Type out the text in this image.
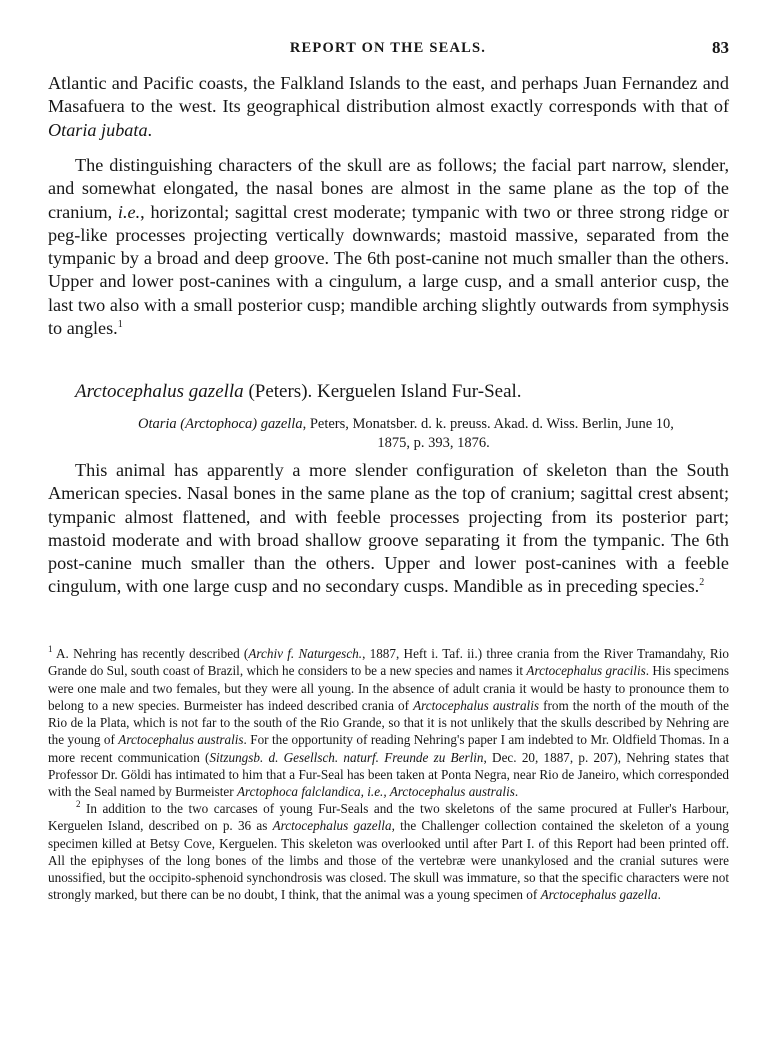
REPORT ON THE SEALS.	83

Atlantic and Pacific coasts, the Falkland Islands to the east, and perhaps Juan Fernandez and Masafuera to the west. Its geographical distribution almost exactly corresponds with that of Otaria jubata.

The distinguishing characters of the skull are as follows; the facial part narrow, slender, and somewhat elongated, the nasal bones are almost in the same plane as the top of the cranium, i.e., horizontal; sagittal crest moderate; tympanic with two or three strong ridge or peg-like processes projecting vertically downwards; mastoid massive, separated from the tympanic by a broad and deep groove. The 6th post-canine not much smaller than the others. Upper and lower post-canines with a cingulum, a large cusp, and a small anterior cusp, the last two also with a small posterior cusp; mandible arching slightly outwards from symphysis to angles.$^1$

Arctocephalus gazella (Peters). Kerguelen Island Fur-Seal.

Otaria (Arctophoca) gazella, Peters, Monatsber. d. k. preuss. Akad. d. Wiss. Berlin, June 10,
1875, p. 393, 1876.

This animal has apparently a more slender configuration of skeleton than the South American species. Nasal bones in the same plane as the top of cranium; sagittal crest absent; tympanic almost flattened, and with feeble processes projecting from its posterior part; mastoid moderate and with broad shallow groove separating it from the tympanic. The 6th post-canine much smaller than the others. Upper and lower post-canines with a feeble cingulum, with one large cusp and no secondary cusps. Mandible as in preceding species.$^2$

$^1$ A. Nehring has recently described (Archiv f. Naturgesch., 1887, Heft i. Taf. ii.) three crania from the River Tramandahy, Rio Grande do Sul, south coast of Brazil, which he considers to be a new species and names it Arctocephalus gracilis. His specimens were one male and two females, but they were all young. In the absence of adult crania it would be hasty to pronounce them to belong to a new species. Burmeister has indeed described crania of Arctocephalus australis from the north of the mouth of the Rio de la Plata, which is not far to the south of the Rio Grande, so that it is not unlikely that the skulls described by Nehring are the young of Arctocephalus australis. For the opportunity of reading Nehring's paper I am indebted to Mr. Oldfield Thomas. In a more recent communication (Sitzungsb. d. Gesellsch. naturf. Freunde zu Berlin, Dec. 20, 1887, p. 207), Nehring states that Professor Dr. Göldi has intimated to him that a Fur-Seal has been taken at Ponta Negra, near Rio de Janeiro, which corresponded with the Seal named by Burmeister Arctophoca falclandica, i.e., Arctocephalus australis.

$^2$ In addition to the two carcases of young Fur-Seals and the two skeletons of the same procured at Fuller's Harbour, Kerguelen Island, described on p. 36 as Arctocephalus gazella, the Challenger collection contained the skeleton of a young specimen killed at Betsy Cove, Kerguelen. This skeleton was overlooked until after Part I. of this Report had been printed off. All the epiphyses of the long bones of the limbs and those of the vertebræ were unankylosed and the cranial sutures were unossified, but the occipito-sphenoid synchondrosis was closed. The skull was immature, so that the specific characters were not strongly marked, but there can be no doubt, I think, that the animal was a young specimen of Arctocephalus gazella.
